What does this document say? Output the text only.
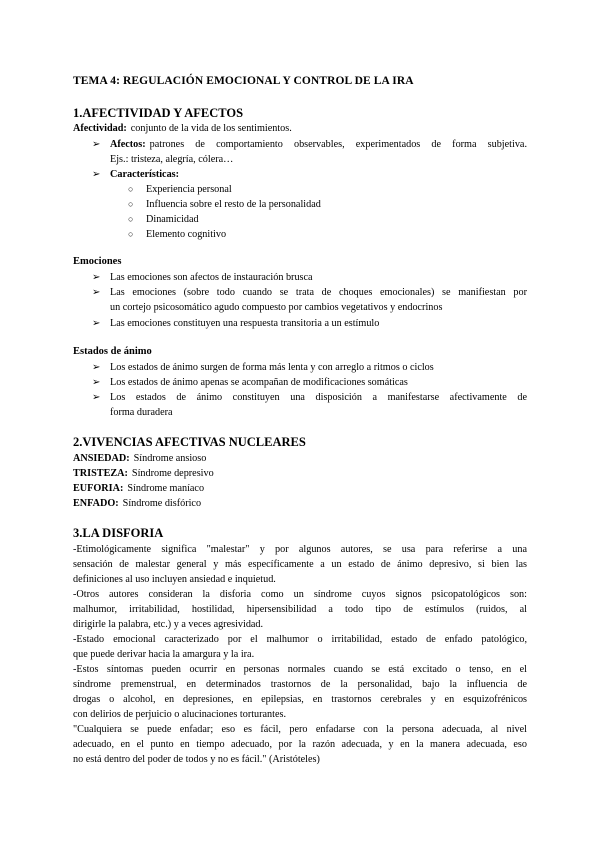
TEMA 4: REGULACIÓN EMOCIONAL Y CONTROL DE LA IRA
1.AFECTIVIDAD Y AFECTOS
Afectividad: conjunto de la vida de los sentimientos.
➢ Afectos: patrones de comportamiento observables, experimentados de forma subjetiva.
Ejs.: tristeza, alegría, cólera…
➢ Características:
○ Experiencia personal
○ Influencia sobre el resto de la personalidad
○ Dinamicidad
○ Elemento cognitivo
Emociones
➢ Las emociones son afectos de instauración brusca
➢ Las emociones (sobre todo cuando se trata de choques emocionales) se manifiestan por
un cortejo psicosomático agudo compuesto por cambios vegetativos y endocrinos
➢ Las emociones constituyen una respuesta transitoria a un estímulo
Estados de ánimo
➢ Los estados de ánimo surgen de forma más lenta y con arreglo a ritmos o ciclos
➢ Los estados de ánimo apenas se acompañan de modificaciones somáticas
➢ Los estados de ánimo constituyen una disposición a manifestarse afectivamente de
forma duradera
2.VIVENCIAS AFECTIVAS NUCLEARES
ANSIEDAD: Síndrome ansioso
TRISTEZA: Síndrome depresivo
EUFORIA: Síndrome maníaco
ENFADO: Síndrome disfórico
3.LA DISFORIA
-Etimológicamente significa "malestar" y por algunos autores, se usa para referirse a una
sensación de malestar general y más específicamente a un estado de ánimo depresivo, si bien las
definiciones al uso incluyen ansiedad e inquietud.
-Otros autores consideran la disforia como un síndrome cuyos signos psicopatológicos son:
malhumor, irritabilidad, hostilidad, hipersensibilidad a todo tipo de estímulos (ruidos, al
dirigirle la palabra, etc.) y a veces agresividad.
-Estado emocional caracterizado por el malhumor o irritabilidad, estado de enfado patológico,
que puede derivar hacia la amargura y la ira.
-Estos síntomas pueden ocurrir en personas normales cuando se está excitado o tenso, en el
síndrome premenstrual, en determinados trastornos de la personalidad, bajo la influencia de
drogas o alcohol, en depresiones, en epilepsias, en trastornos cerebrales y en esquizofrénicos
con delirios de perjuicio o alucinaciones torturantes.
"Cualquiera se puede enfadar; eso es fácil, pero enfadarse con la persona adecuada, al nivel
adecuado, en el punto en tiempo adecuado, por la razón adecuada, y en la manera adecuada, eso
no está dentro del poder de todos y no es fácil." (Aristóteles)
